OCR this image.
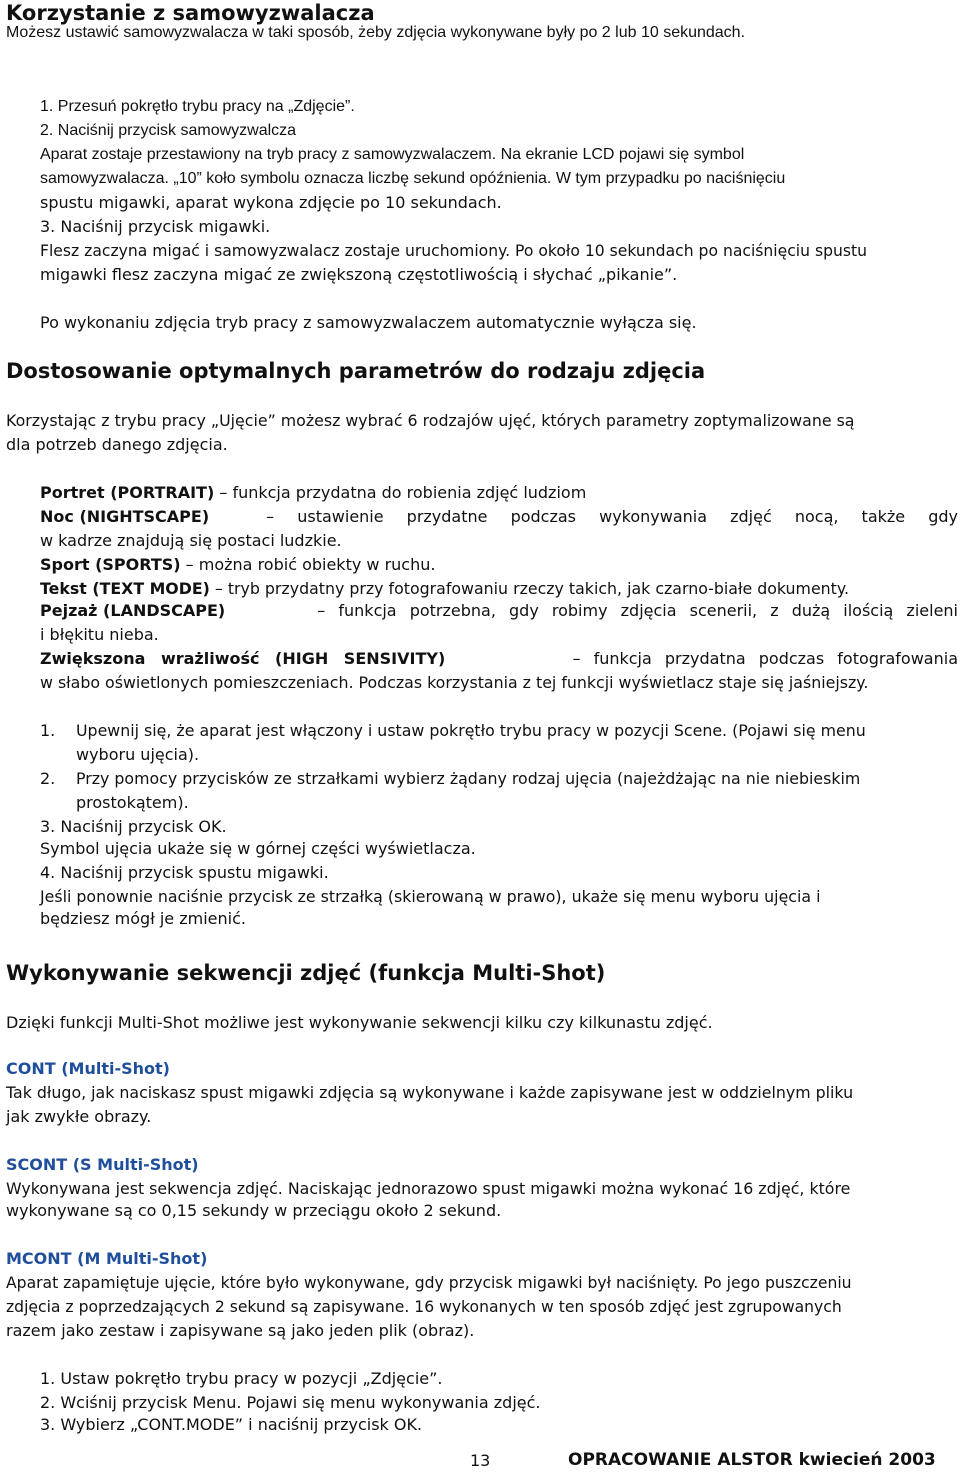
Korzystanie z samowyzwalacza
Możesz ustawić samowyzwalacza w taki sposób, żeby zdjęcia wykonywane były po 2 lub 10 sekundach.
1. Przesuń pokrętło trybu pracy na „Zdjęcie”.
2. Naciśnij przycisk samowyzwalcza
Aparat zostaje przestawiony na tryb pracy z samowyzwalaczem. Na ekranie LCD pojawi się symbol
samowyzwalacza. „10” koło symbolu oznacza liczbę sekund opóźnienia. W tym przypadku po naciśnięciu
spustu migawki, aparat wykona zdjęcie po 10 sekundach.
3. Naciśnij przycisk migawki.
Flesz zaczyna migać i samowyzwalacz zostaje uruchomiony. Po około 10 sekundach po naciśnięciu spustu
migawki flesz zaczyna migać ze zwiększoną częstotliwością i słychać „pikanie”.
Po wykonaniu zdjęcia tryb pracy z samowyzwalaczem automatycznie wyłącza się.
Dostosowanie optymalnych parametrów do rodzaju zdjęcia
Korzystając z trybu pracy „Ujęcie” możesz wybrać 6 rodzajów ujęć, których parametry zoptymalizowane są
dla potrzeb danego zdjęcia.
Portret (PORTRAIT) – funkcja przydatna do robienia zdjęć ludziom
Noc (NIGHTSCAPE)	– ustawienie przydatne podczas wykonywania zdjęć nocą, także gdy
w kadrze znajdują się postaci ludzkie.
Sport (SPORTS) – można robić obiekty w ruchu.
Tekst (TEXT MODE) – tryb przydatny przy fotografowaniu rzeczy takich, jak czarno-białe dokumenty.
Pejzaż (LANDSCAPE)	– funkcja potrzebna, gdy robimy zdjęcia scenerii, z dużą ilością zieleni
i błękitu nieba.
Zwiększona wrażliwość (HIGH SENSIVITY)	– funkcja przydatna podczas fotografowania
w słabo oświetlonych pomieszczeniach. Podczas korzystania z tej funkcji wyświetlacz staje się jaśniejszy.
1. Upewnij się, że aparat jest włączony i ustaw pokrętło trybu pracy w pozycji Scene. (Pojawi się menu
wyboru ujęcia).
2. Przy pomocy przycisków ze strzałkami wybierz żądany rodzaj ujęcia (najeżdżając na nie niebieskim
prostokątem).
3. Naciśnij przycisk OK.
Symbol ujęcia ukaże się w górnej części wyświetlacza.
4. Naciśnij przycisk spustu migawki.
Jeśli ponownie naciśnie przycisk ze strzałką (skierowaną w prawo), ukaże się menu wyboru ujęcia i
będziesz mógł je zmienić.
Wykonywanie sekwencji zdjęć (funkcja Multi-Shot)
Dzięki funkcji Multi-Shot możliwe jest wykonywanie sekwencji kilku czy kilkunastu zdjęć.
CONT (Multi-Shot)
Tak długo, jak naciskasz spust migawki zdjęcia są wykonywane i każde zapisywane jest w oddzielnym pliku
jak zwykłe obrazy.
SCONT (S Multi-Shot)
Wykonywana jest sekwencja zdjęć. Naciskając jednorazowo spust migawki można wykonać 16 zdjęć, które
wykonywane są co 0,15 sekundy w przeciągu około 2 sekund.
MCONT (M Multi-Shot)
Aparat zapamiętuje ujęcie, które było wykonywane, gdy przycisk migawki był naciśnięty. Po jego puszczeniu
zdjęcia z poprzedzających 2 sekund są zapisywane. 16 wykonanych w ten sposób zdjęć jest zgrupowanych
razem jako zestaw i zapisywane są jako jeden plik (obraz).
1. Ustaw pokrętło trybu pracy w pozycji „Zdjęcie”.
2. Wciśnij przycisk Menu. Pojawi się menu wykonywania zdjęć.
3. Wybierz „CONT.MODE” i naciśnij przycisk OK.
13	OPRACOWANIE ALSTOR kwiecień 2003
